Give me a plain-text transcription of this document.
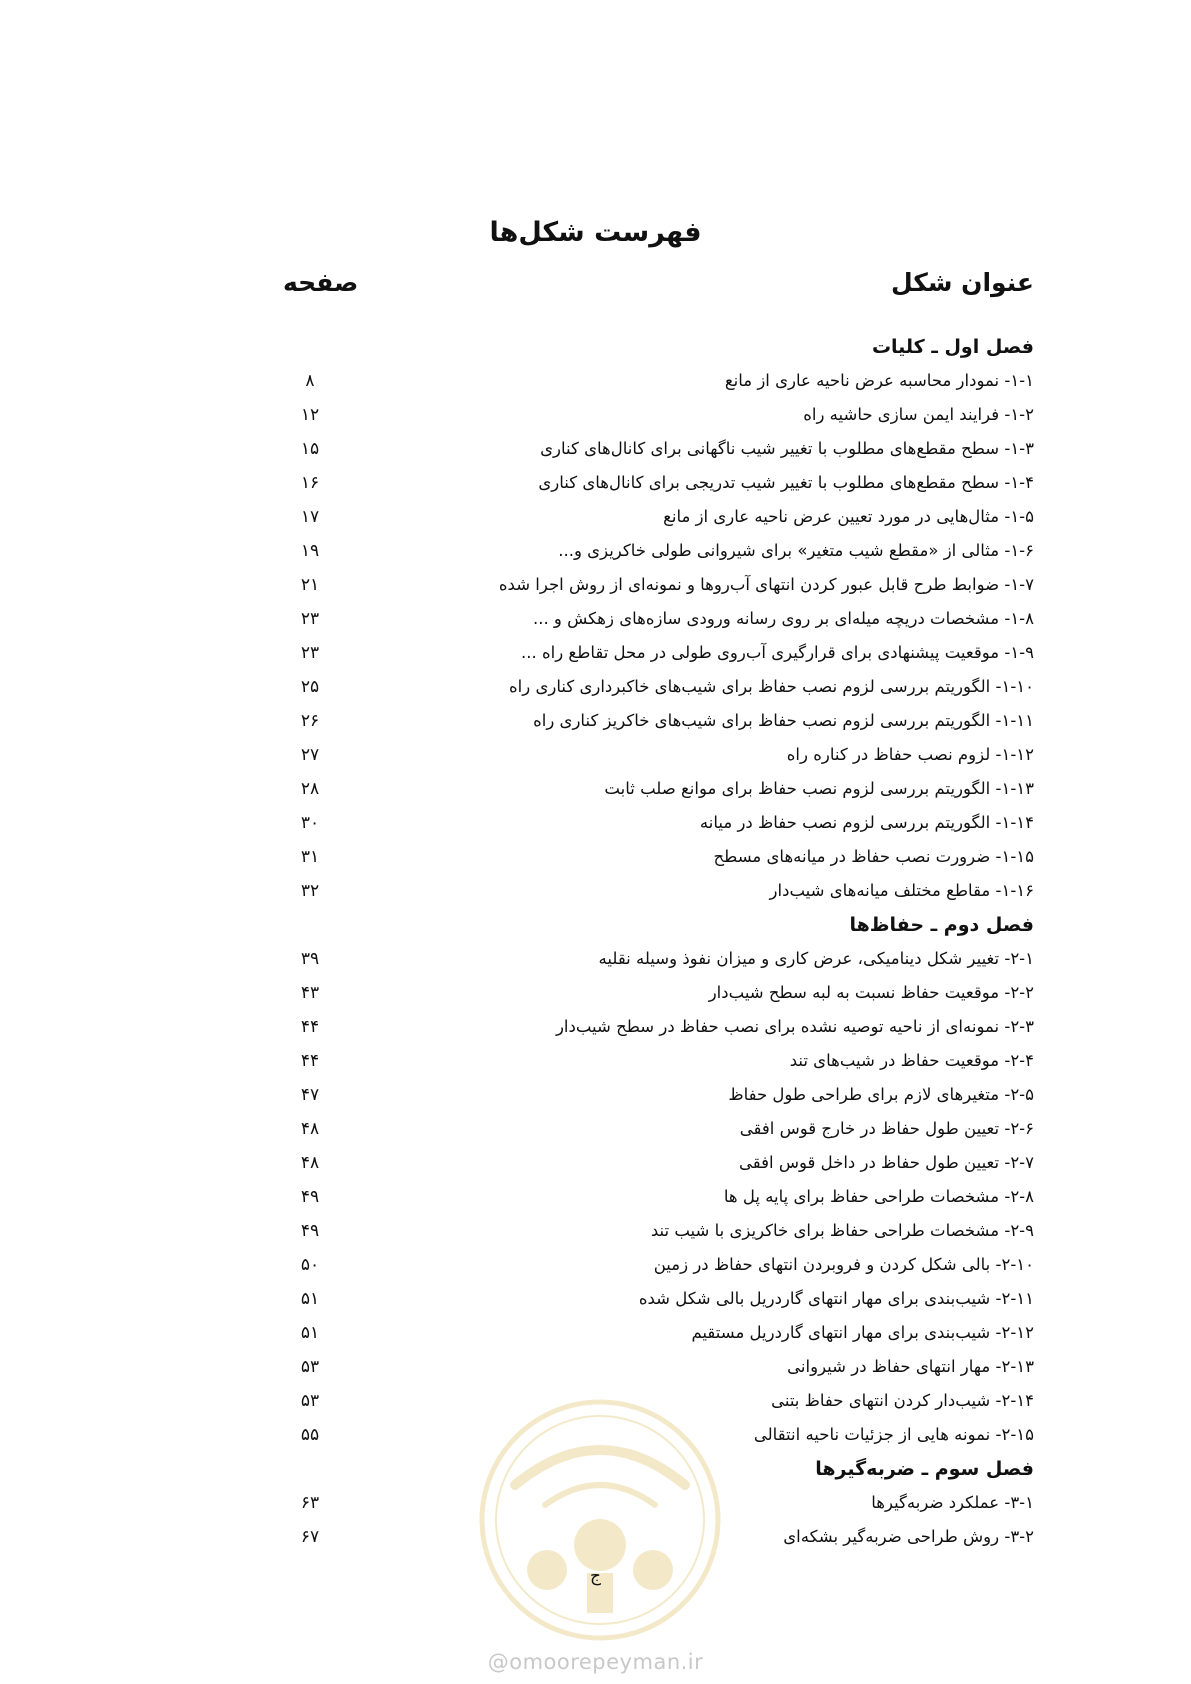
فهرست شکل‌ها
عنوان شکل
صفحه
فصل اول ـ کلیات
۱-۱- نمودار محاسبه عرض ناحیه عاری از مانع
۸
۱-۲- فرایند ایمن سازی حاشیه راه
۱۲
۱-۳- سطح مقطع‌های مطلوب با تغییر شیب ناگهانی برای کانال‌های کناری
۱۵
۱-۴- سطح مقطع‌های مطلوب با تغییر شیب تدریجی برای کانال‌های کناری
۱۶
۱-۵- مثال‌هایی در مورد تعیین عرض ناحیه عاری از مانع
۱۷
۱-۶- مثالی از «مقطع شیب متغیر» برای شیروانی طولی خاکریزی و...
۱۹
۱-۷- ضوابط طرح قابل عبور کردن انتهای آب‌روها و نمونه‌ای از روش اجرا شده
۲۱
۱-۸- مشخصات دریچه میله‌ای بر روی رسانه ورودی سازه‌های زهکش و ...
۲۳
۱-۹- موقعیت پیشنهادی برای قرارگیری آب‌روی طولی در محل تقاطع راه ...
۲۳
۱-۱۰- الگوریتم بررسی لزوم نصب حفاظ برای شیب‌های خاکبرداری کناری راه
۲۵
۱-۱۱- الگوریتم بررسی لزوم نصب حفاظ برای شیب‌های خاکریز کناری راه
۲۶
۱-۱۲- لزوم نصب حفاظ در کناره راه
۲۷
۱-۱۳- الگوریتم بررسی لزوم نصب حفاظ برای موانع صلب ثابت
۲۸
۱-۱۴- الگوریتم بررسی لزوم نصب حفاظ در میانه
۳۰
۱-۱۵- ضرورت نصب حفاظ در میانه‌های مسطح
۳۱
۱-۱۶- مقاطع مختلف میانه‌های شیب‌دار
۳۲
فصل دوم ـ حفاظ‌ها
۲-۱- تغییر شکل دینامیکی، عرض کاری و میزان نفوذ وسیله نقلیه
۳۹
۲-۲- موقعیت حفاظ نسبت به لبه سطح شیب‌دار
۴۳
۲-۳- نمونه‌ای از ناحیه توصیه نشده برای نصب حفاظ در سطح شیب‌دار
۴۴
۲-۴- موقعیت حفاظ در شیب‌های تند
۴۴
۲-۵- متغیرهای لازم برای طراحی طول حفاظ
۴۷
۲-۶- تعیین طول حفاظ در خارج قوس افقی
۴۸
۲-۷- تعیین طول حفاظ در داخل قوس افقی
۴۸
۲-۸- مشخصات طراحی حفاظ برای پایه پل ها
۴۹
۲-۹- مشخصات طراحی حفاظ برای خاکریزی با شیب تند
۴۹
۲-۱۰- بالی شکل کردن و فروبردن انتهای حفاظ در زمین
۵۰
۲-۱۱- شیب‌بندی برای مهار انتهای گاردریل بالی شکل شده
۵۱
۲-۱۲- شیب‌بندی برای مهار انتهای گاردریل مستقیم
۵۱
۲-۱۳- مهار انتهای حفاظ در شیروانی
۵۳
۲-۱۴- شیب‌دار کردن انتهای حفاظ بتنی
۵۳
۲-۱۵- نمونه هایی از جزئیات ناحیه انتقالی
۵۵
فصل سوم ـ ضربه‌گیرها
۳-۱- عملکرد ضربه‌گیرها
۶۳
۳-۲- روش طراحی ضربه‌گیر بشکه‌ای
۶۷
ج
@omoorepeyman.ir
